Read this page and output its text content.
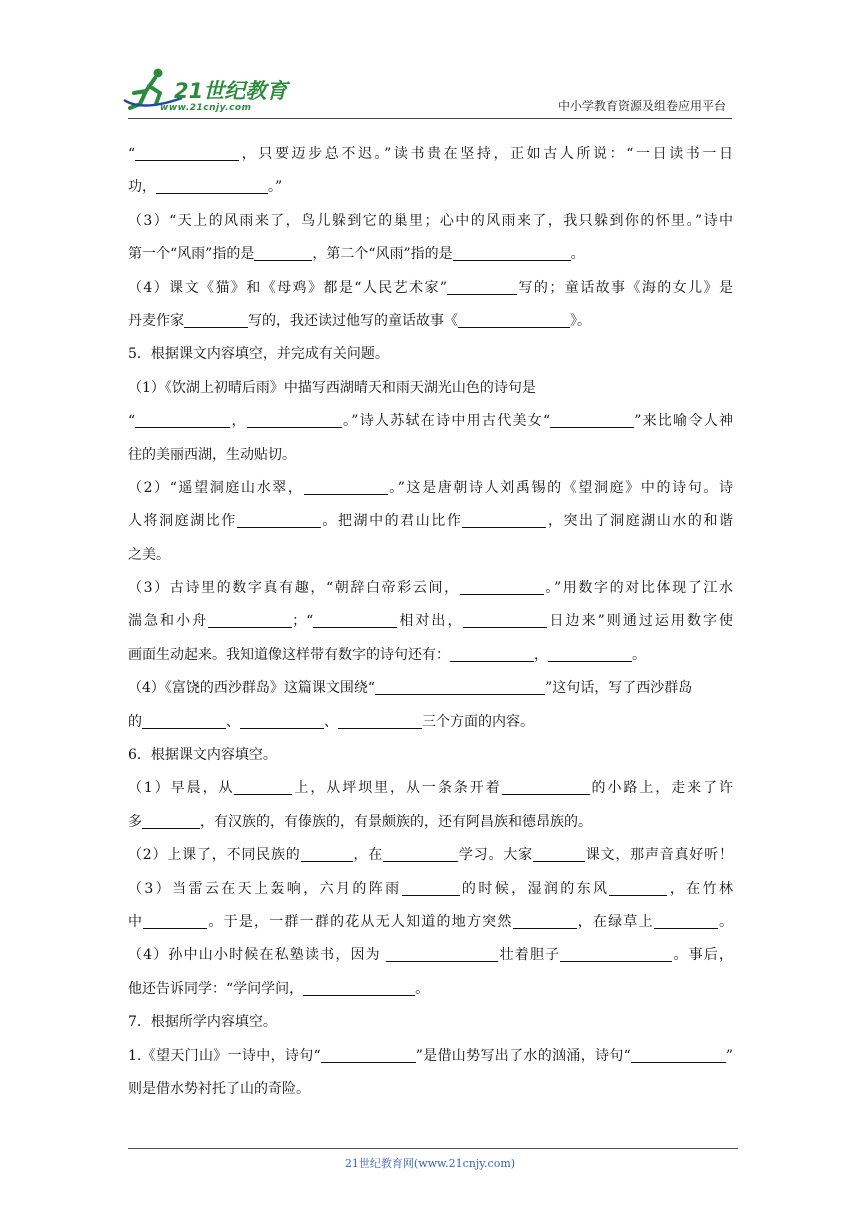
21世纪教育
www.21cnjy.com	中小学教育资源及组卷应用平台
“	，只要迈步总不迟。”读书贵在坚持，正如古人所说：“一日读书一日
功，	。”
（3）“天上的风雨来了，鸟儿躲到它的巢里；心中的风雨来了，我只躲到你的怀里。”诗中
第一个“风雨”指的是	，第二个“风雨”指的是	。
（4）课文《猫》和《母鸡》都是“人民艺术家”	写的；童话故事《海的女儿》是
丹麦作家	写的，我还读过他写的童话故事《	》。
5．根据课文内容填空，并完成有关问题。
（1）《饮湖上初晴后雨》中描写西湖晴天和雨天湖光山色的诗句是
“	，	。”诗人苏轼在诗中用古代美女“	”来比喻令人神
往的美丽西湖，生动贴切。
（2）“遥望洞庭山水翠，	。”这是唐朝诗人刘禹锡的《望洞庭》中的诗句。诗
人将洞庭湖比作	。把湖中的君山比作	，突出了洞庭湖山水的和谐
之美。
（3）古诗里的数字真有趣，“朝辞白帝彩云间，	。”用数字的对比体现了江水
湍急和小舟	；“	相对出，	日边来”则通过运用数字使
画面生动起来。我知道像这样带有数字的诗句还有：	，	。
（4）《富饶的西沙群岛》这篇课文围绕“	”这句话，写了西沙群岛
的	、	、	三个方面的内容。
6．根据课文内容填空。
（1）早晨，从	上，从坪坝里，从一条条开着	的小路上，走来了许
多	，有汉族的，有傣族的，有景颇族的，还有阿昌族和德昂族的。
（2）上课了，不同民族的	，在	学习。大家	课文，那声音真好听！
（3）当雷云在天上轰响，六月的阵雨	的时候，湿润的东风	，在竹林
中	。于是，一群一群的花从无人知道的地方突然	，在绿草上	。
（4）孙中山小时候在私塾读书，因为	壮着胆子	。事后，
他还告诉同学：“学问学问，	。
7．根据所学内容填空。
1.《望天门山》一诗中，诗句“	”是借山势写出了水的汹涌，诗句“	”
则是借水势衬托了山的奇险。
21世纪教育网(www.21cnjy.com)
